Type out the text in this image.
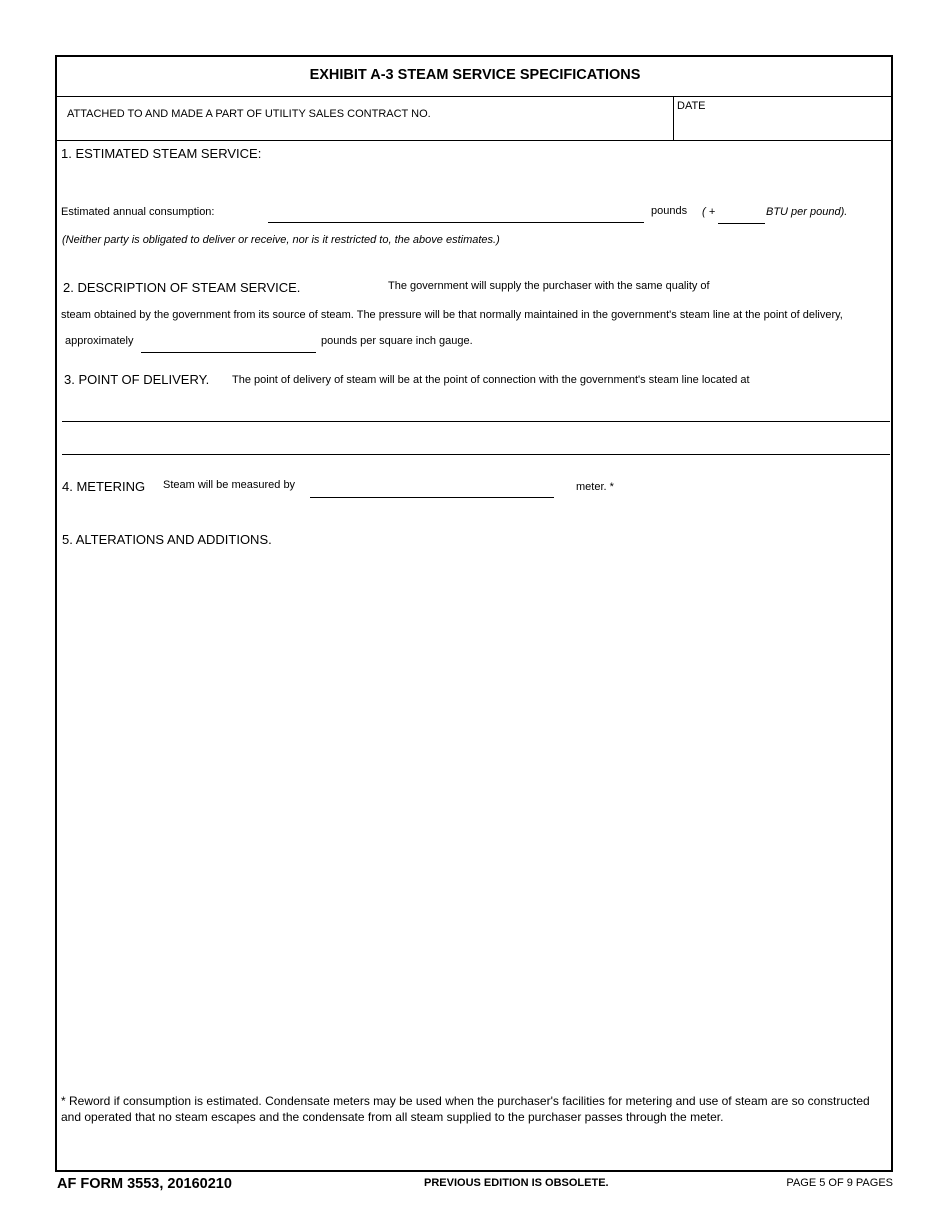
EXHIBIT A-3 STEAM SERVICE SPECIFICATIONS
ATTACHED TO AND MADE A PART OF UTILITY SALES CONTRACT NO.
DATE
1. ESTIMATED STEAM SERVICE:
Estimated annual consumption:	pounds ( +	BTU per pound).
(Neither party is obligated to deliver or receive, nor is it restricted to, the above estimates.)
2. DESCRIPTION OF STEAM SERVICE.	The government will supply the purchaser with the same quality of
steam obtained by the government from its source of steam. The pressure will be that normally maintained in the government's steam line at the point of delivery,
approximately	pounds per square inch gauge.
3. POINT OF DELIVERY. The point of delivery of steam will be at the point of connection with the government's steam line located at
4. METERING Steam will be measured by	meter. *
5. ALTERATIONS AND ADDITIONS.
* Reword if consumption is estimated. Condensate meters may be used when the purchaser's facilities for metering and use of steam are so constructed and operated that no steam escapes and the condensate from all steam supplied to the purchaser passes through the meter.
AF FORM 3553, 20160210	PREVIOUS EDITION IS OBSOLETE.	PAGE 5 OF 9 PAGES
